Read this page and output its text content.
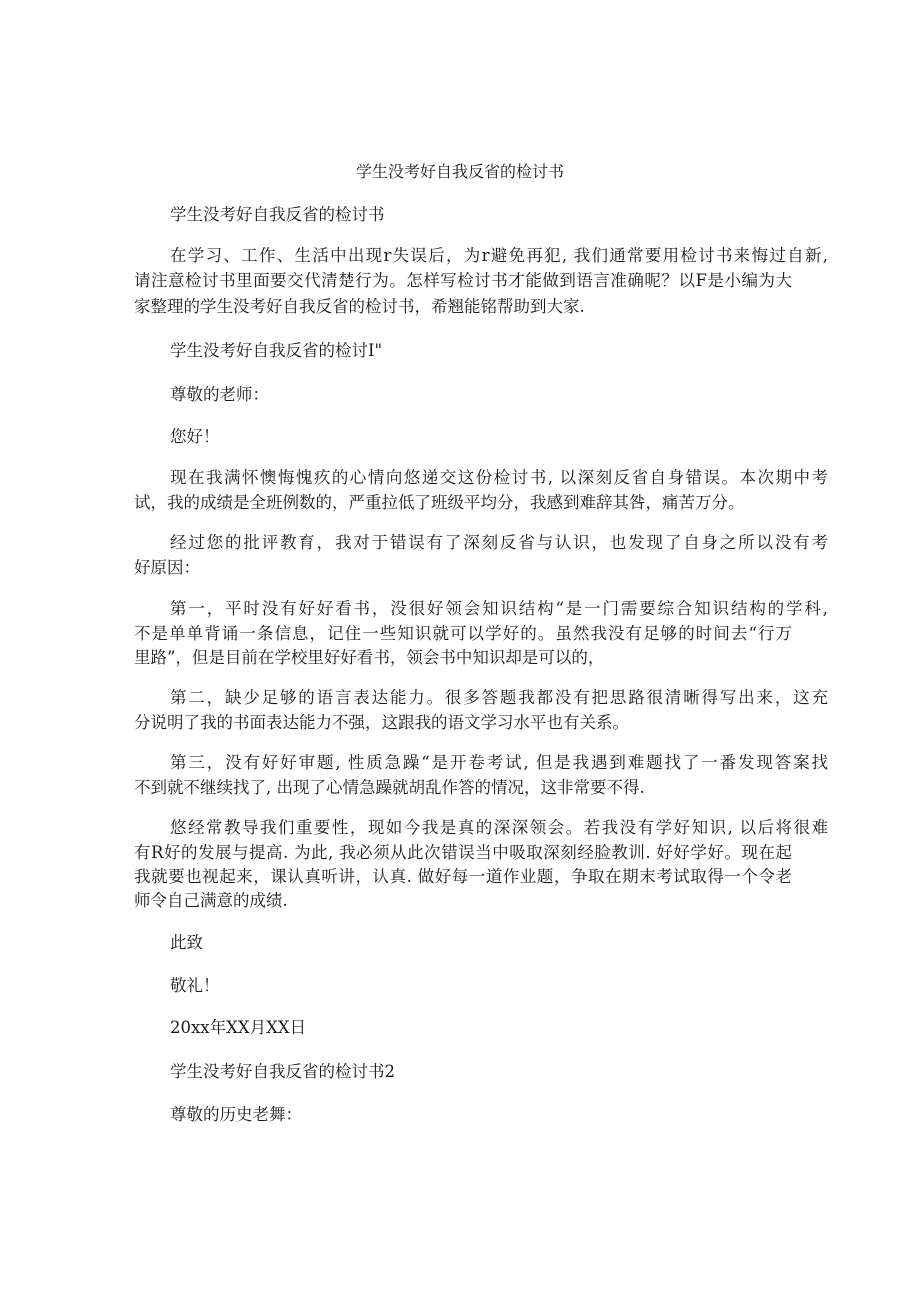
学生没考好自我反省的检讨书
学生没考好自我反省的检讨书
在学习、工作、生活中出现r失误后，为r避免再犯, 我们通常要用检讨书来悔过自新,
请注意检讨书里面要交代清楚行为。怎样写检讨书才能做到语言准确呢？以F是小编为大
家整理的学生没考好自我反省的检讨书，希翘能铭帮助到大家.
学生没考好自我反省的检讨I"
尊敬的老师：
您好！
现在我满怀懊悔愧疚的心情向悠递交这份检讨书, 以深刻反省自身错误。本次期中考
试，我的成绩是全班例数的，严重拉低了班级平均分，我感到难辞其咎，痛苦万分。
经过您的批评教育，我对于错误有了深刻反省与认识，也发现了自身之所以没有考
好原因：
第一，平时没有好好看书，没很好领会知识结构“是一门需要综合知识结构的学科,
不是单单背诵一条信息，记住一些知识就可以学好的。虽然我没有足够的时间去“行万
里路”，但是目前在学校里好好看书，领会书中知识却是可以的，
第二，缺少足够的语言表达能力。很多答题我都没有把思路很清晰得写出来，这充
分说明了我的书面表达能力不强，这跟我的语文学习水平也有关系。
第三，没有好好审题, 性质急躁“是开卷考试, 但是我遇到难题找了一番发现答案找
不到就不继续找了, 出现了心情急躁就胡乱作答的情况，这非常要不得.
悠经常教导我们重要性，现如今我是真的深深领会。若我没有学好知识, 以后将很难
有R好的发展与提高. 为此, 我必须从此次错误当中吸取深刻经脸教训. 好好学好。现在起
我就要也视起来，课认真听讲，认真. 做好每一道作业题，争取在期末考试取得一个令老
师令自己满意的成绩.
此致
敬礼！
20xx年XX月XX日
学生没考好自我反省的检讨书2
尊敬的历史老舞：
